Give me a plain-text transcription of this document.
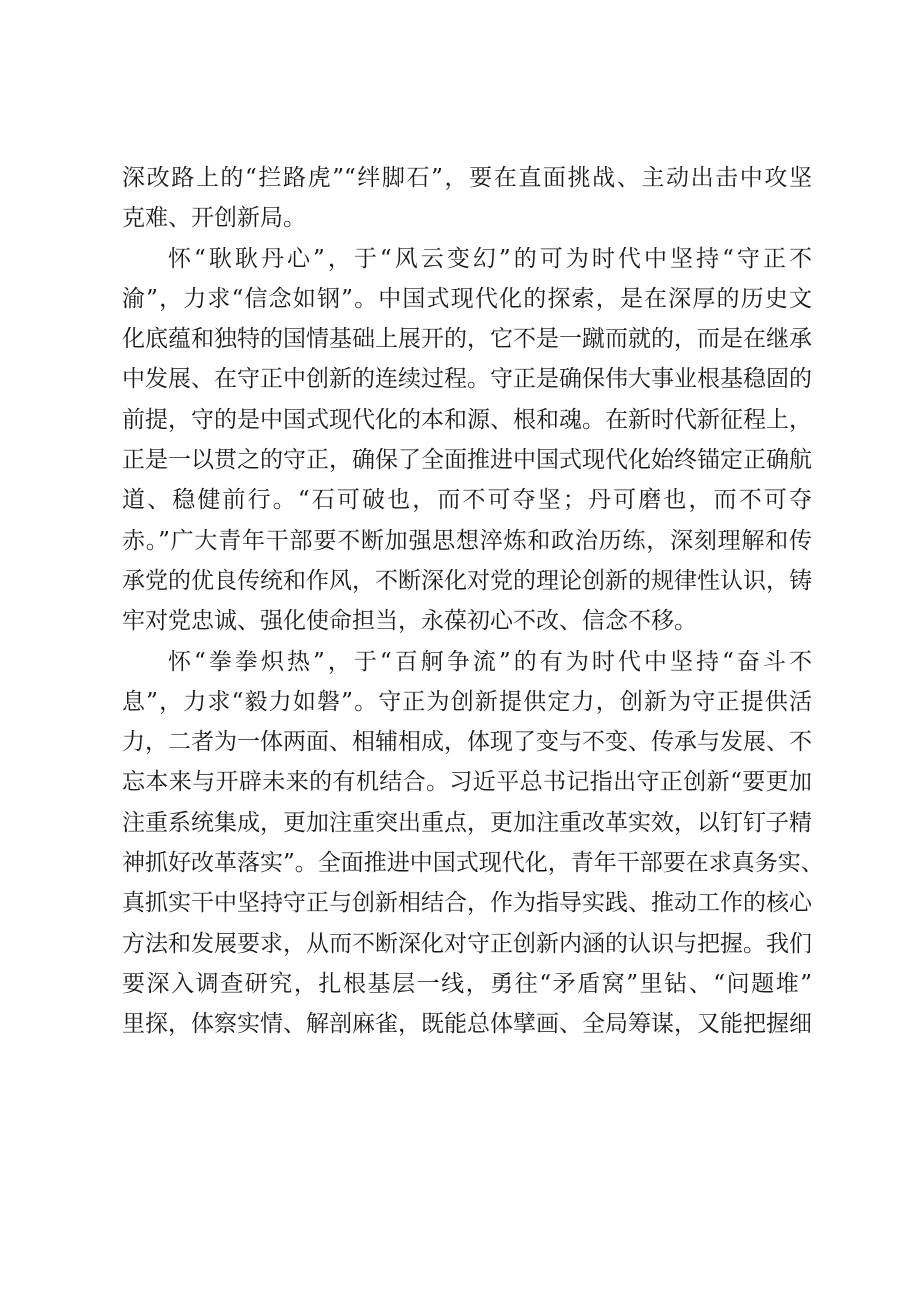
深改路上的“拦路虎”“绊脚石”，要在直面挑战、主动出击中攻坚
克难、开创新局。
怀“耿耿丹心”，于“风云变幻”的可为时代中坚持“守正不
渝”，力求“信念如钢”。中国式现代化的探索，是在深厚的历史文
化底蕴和独特的国情基础上展开的，它不是一蹴而就的，而是在继承
中发展、在守正中创新的连续过程。守正是确保伟大事业根基稳固的
前提，守的是中国式现代化的本和源、根和魂。在新时代新征程上，
正是一以贯之的守正，确保了全面推进中国式现代化始终锚定正确航
道、稳健前行。“石可破也，而不可夺坚；丹可磨也，而不可夺
赤。”广大青年干部要不断加强思想淬炼和政治历练，深刻理解和传
承党的优良传统和作风，不断深化对党的理论创新的规律性认识，铸
牢对党忠诚、强化使命担当，永葆初心不改、信念不移。
怀“拳拳炽热”，于“百舸争流”的有为时代中坚持“奋斗不
息”，力求“毅力如磐”。守正为创新提供定力，创新为守正提供活
力，二者为一体两面、相辅相成，体现了变与不变、传承与发展、不
忘本来与开辟未来的有机结合。习近平总书记指出守正创新“要更加
注重系统集成，更加注重突出重点，更加注重改革实效，以钉钉子精
神抓好改革落实”。全面推进中国式现代化，青年干部要在求真务实、
真抓实干中坚持守正与创新相结合，作为指导实践、推动工作的核心
方法和发展要求，从而不断深化对守正创新内涵的认识与把握。我们
要深入调查研究，扎根基层一线，勇往“矛盾窝”里钻、“问题堆”
里探，体察实情、解剖麻雀，既能总体擘画、全局筹谋，又能把握细
